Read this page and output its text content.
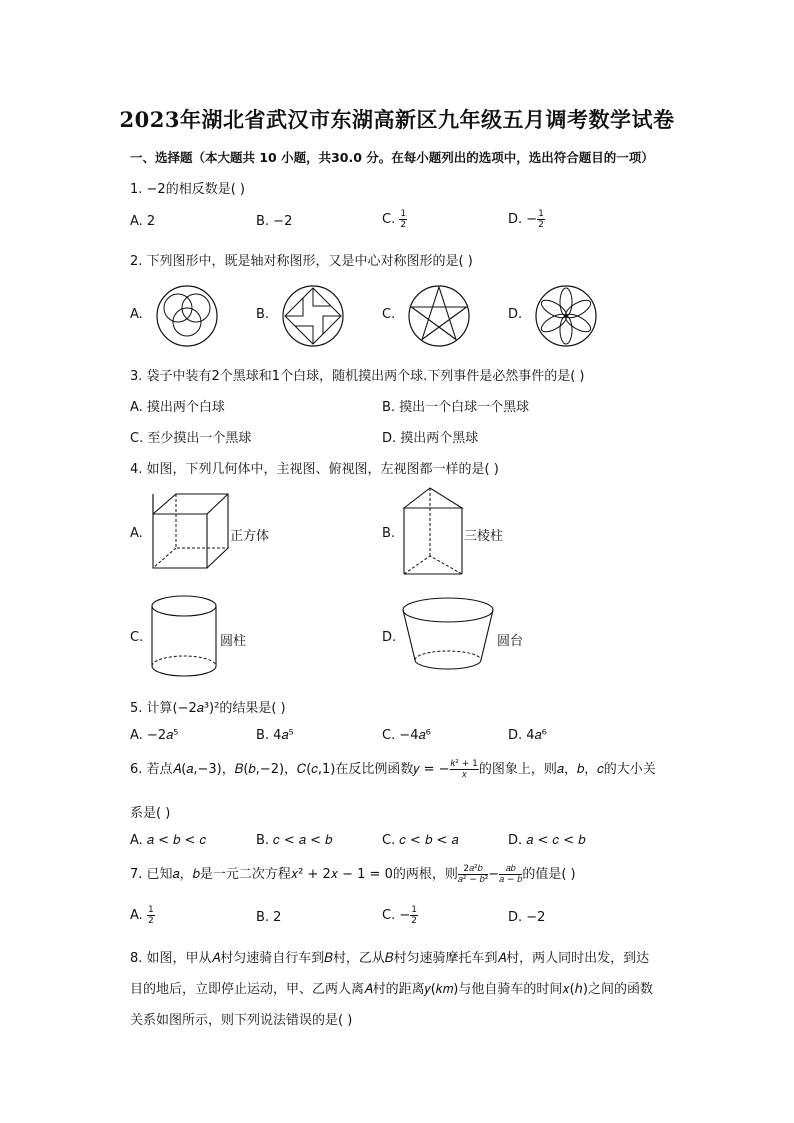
2023年湖北省武汉市东湖高新区九年级五月调考数学试卷
一、选择题（本大题共 10 小题，共30.0 分。在每小题列出的选项中，选出符合题目的一项）
1. −2的相反数是( )
A. 2	B. −2	C. $\frac{1}{2}$	D. − $\frac{1}{2}$
2. 下列图形中，既是轴对称图形，又是中心对称图形的是( )
A.	B.	C.	D.
3. 袋子中装有2个黑球和1个白球，随机摸出两个球.下列事件是必然事件的是( )
A. 摸出两个白球	B. 摸出一个白球一个黑球
C. 至少摸出一个黑球	D. 摸出两个黑球
4. 如图，下列几何体中，主视图、俯视图，左视图都一样的是( )
A.	正方体	B.	三棱柱
C.	圆柱	D.	圆台
5. 计算(−2𝑎³)²的结果是( )
A. −2𝑎⁵	B. 4𝑎⁵	C. −4𝑎⁶	D. 4𝑎⁶
6. 若点𝐴(𝑎,−3)，𝐵(𝑏,−2)，𝐶(𝑐,1)在反比例函数𝑦 = − $\frac{\text{𝑘² + 1}}{\text{𝑥}}$ 的图象上，则𝑎，𝑏，𝑐的大小关
系是( )
A. 𝑎 < 𝑏 < 𝑐	B. 𝑐 < 𝑎 < 𝑏	C. 𝑐 < 𝑏 < 𝑎	D. 𝑎 < 𝑐 < 𝑏
7. 已知𝑎，𝑏是一元二次方程𝑥² + 2𝑥 − 1 = 0的两根，则 $\frac{\text{2𝑎²𝑏}}{\text{𝑎² − 𝑏²}} - \frac{\text{𝑎𝑏}}{\text{𝑎 − 𝑏}}$ 的值是( )
A. $\frac{1}{2}$	B. 2	C. − $\frac{1}{2}$	D. −2
8. 如图，甲从𝐴村匀速骑自行车到𝐵村，乙从𝐵村匀速骑摩托车到𝐴村，两人同时出发，到达
目的地后，立即停止运动，甲、乙两人离𝐴村的距离𝑦(𝑘𝑚)与他自骑车的时间𝑥(ℎ)之间的函数
关系如图所示，则下列说法错误的是( )
